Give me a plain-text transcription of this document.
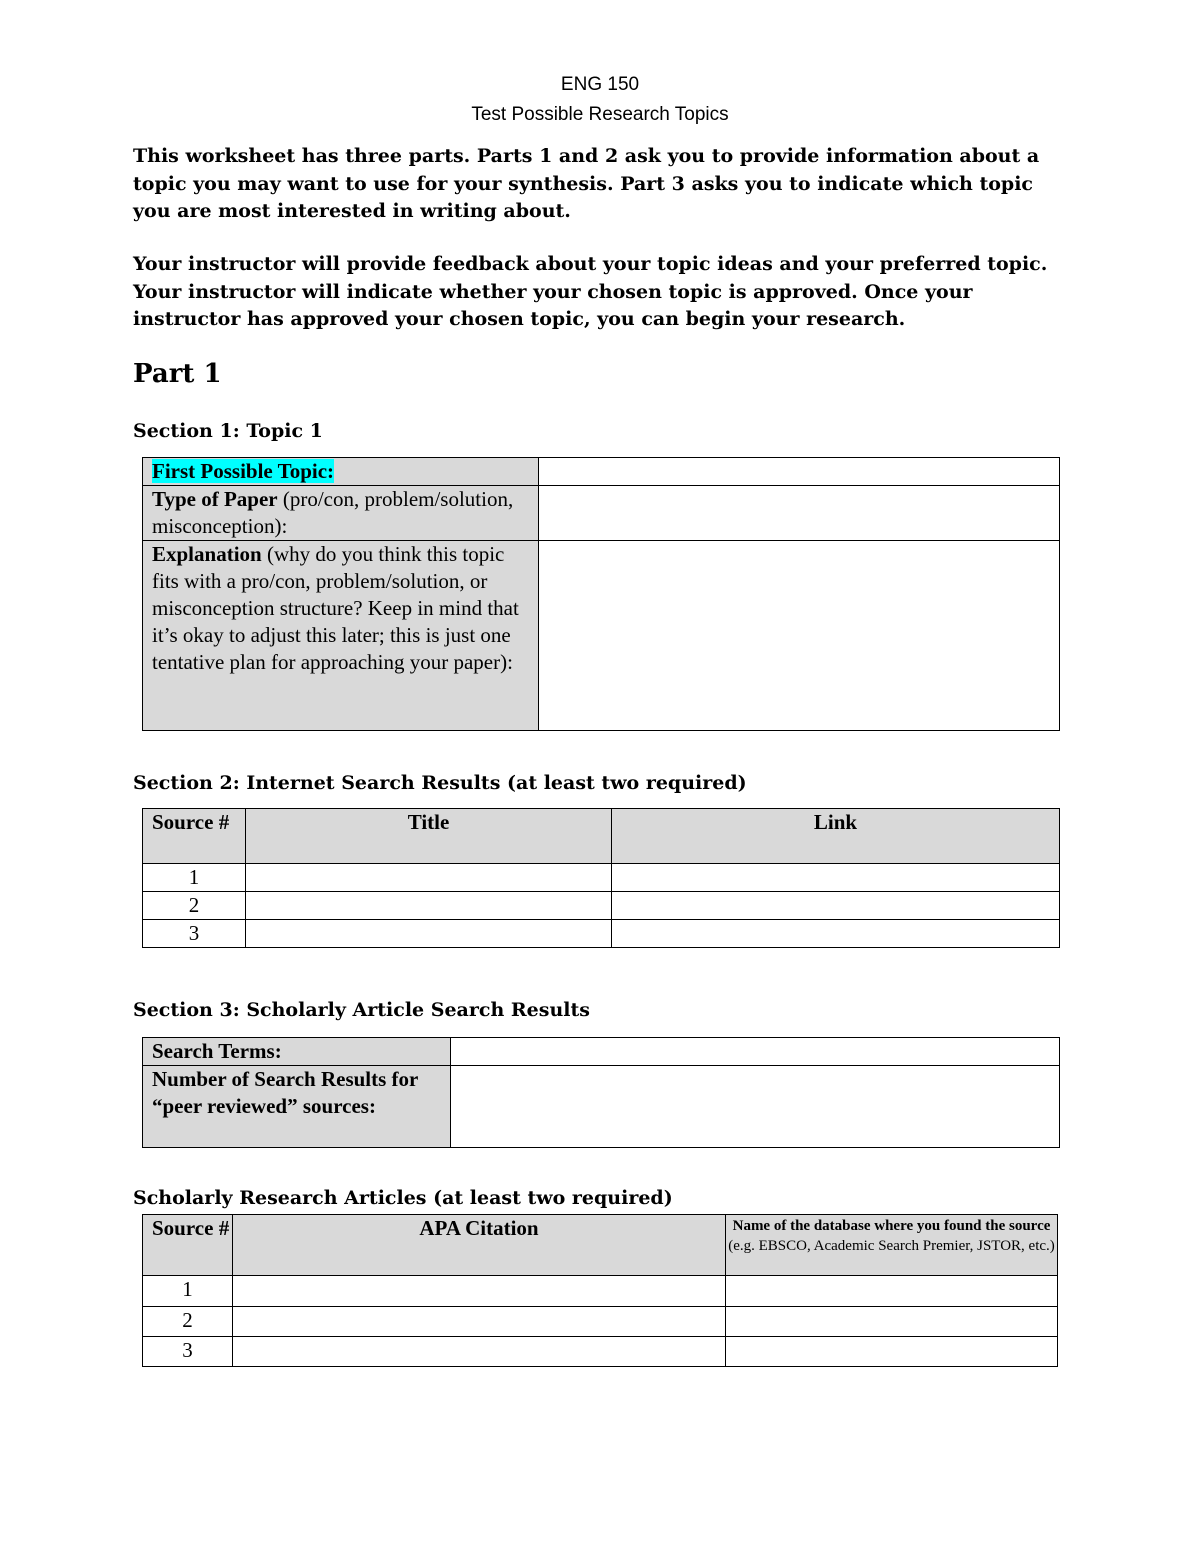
ENG 150
Test Possible Research Topics
This worksheet has three parts. Parts 1 and 2 ask you to provide information about a topic you may want to use for your synthesis. Part 3 asks you to indicate which topic you are most interested in writing about.
Your instructor will provide feedback about your topic ideas and your preferred topic. Your instructor will indicate whether your chosen topic is approved. Once your instructor has approved your chosen topic, you can begin your research.
Part 1
Section 1: Topic 1
First Possible Topic:	
Type of Paper (pro/con, problem/solution, misconception):	
Explanation (why do you think this topic fits with a pro/con, problem/solution, or misconception structure? Keep in mind that it’s okay to adjust this later; this is just one tentative plan for approaching your paper):	
Section 2: Internet Search Results (at least two required)
Source #	Title	Link
1		
2		
3		
Section 3: Scholarly Article Search Results
Search Terms:	
Number of Search Results for “peer reviewed” sources:	
Scholarly Research Articles (at least two required)
Source #	APA Citation	Name of the database where you found the source (e.g. EBSCO, Academic Search Premier, JSTOR, etc.)
1		
2		
3		
